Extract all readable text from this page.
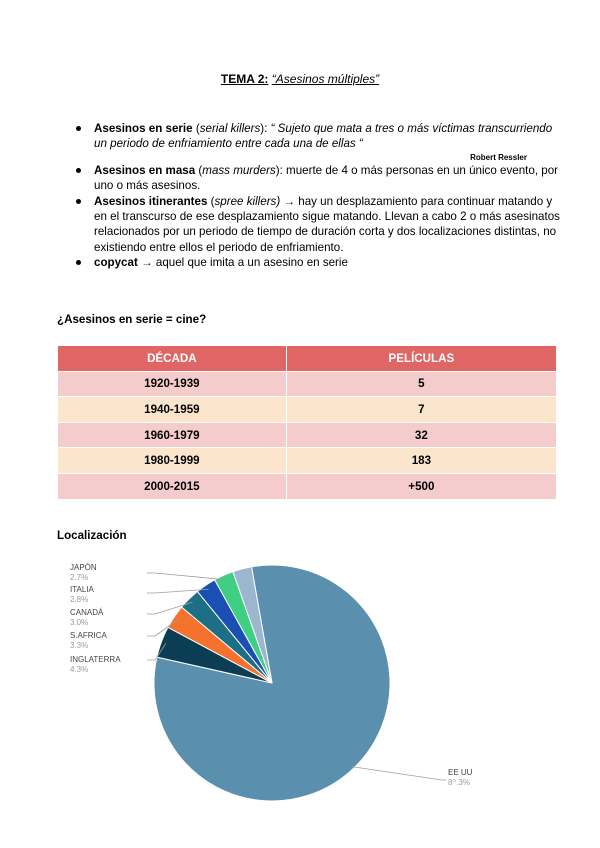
TEMA 2: “Asesinos múltiples”
Asesinos en serie (serial killers): “ Sujeto que mata a tres o más víctimas transcurriendo un periodo de enfriamiento entre cada una de ellas “
Robert Ressler
Asesinos en masa (mass murders): muerte de 4 o más personas en un único evento, por uno o más asesinos.
Asesinos itinerantes (spree killers) → hay un desplazamiento para continuar matando y en el transcurso de ese desplazamiento sigue matando. Llevan a cabo 2 o más asesinatos relacionados por un periodo de tiempo de duración corta y dos localizaciones distintas, no existiendo entre ellos el periodo de enfriamiento.
copycat → aquel que imita a un asesino en serie
¿Asesinos en serie = cine?
DÉCADA	PELÍCULAS
1920-1939	5
1940-1959	7
1960-1979	32
1980-1999	183
2000-2015	+500
Localización
EE UU
8^.3%
INGLATERRA
4.3%
S.AFRICA
3.3%
CANADÁ
3.0%
ITALIA
2.8%
JAPÓN
2.7%
